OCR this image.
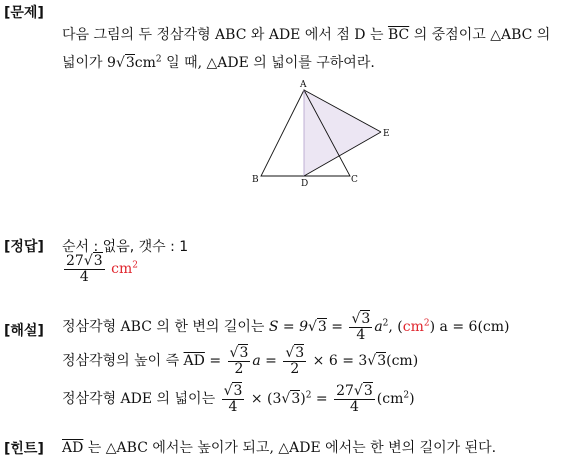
[문제]
다음 그림의 두 정삼각형 ABC 와 ADE 에서 점 D 는 $\overline{BC}$ 의 중점이고 △ABC 의
넓이가 $9√3cm^2$ 일 때, △ADE 의 넓이를 구하여라.
A
B	C
D
E
[정답] 순서 : 없음, 갯수 : 1
$\frac{27√3}{4} cm^2$
[해설] 정삼각형 ABC 의 한 변의 길이는 $S = 9√3 = \frac{√3}{4} a^2$, $(cm^2) a = 6(cm)$
정삼각형의 높이 즉 $\overline{AD} = \frac{√3}{2}$ $a = \frac{√3}{2} \times 6 = 3√3(cm)$
정삼각형 ADE 의 넓이는 $\frac{√3}{4} \times (3√3)^2 = \frac{27√3}{4} (cm^2)$
[힌트] $\overline{AD}$ 는 △ABC 에서는 높이가 되고, △ADE 에서는 한 변의 길이가 된다.
